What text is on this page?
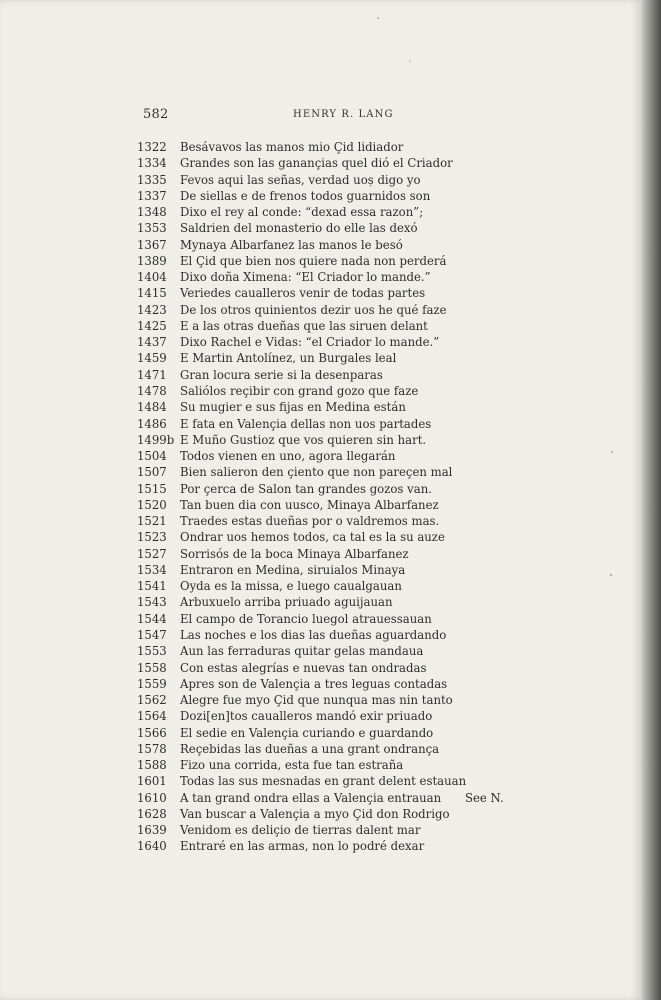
582	HENRY R. LANG
1322	Besávavos las manos mio Çid lidiador
1334	Grandes son las ganançias quel dió el Criador
1335	Fevos aqui las señas, verdad uoș digo yo
1337	De siellas e de frenos todos guarnidos son
1348	Dixo el rey al conde: “dexad essa razon”;
1353	Saldrien del monasterio do elle las dexó
1367	Mynaya Albarfanez las manos le besó
1389	El Çid que bien nos quiere nada non perderá
1404	Dixo doña Ximena: “El Criador lo mande.”
1415	Veriedes caualleros venir de todas partes
1423	De los otros quinientos dezir uos he qué faze
1425	E a las otras dueñas que las siruen delant
1437	Dixo Rachel e Vidas: “el Criador lo mande.”
1459	E Martin Antolínez, un Burgales leal
1471	Gran locura serie si la desenparas
1478	Saliólos reçibir con grand gozo que faze
1484	Su mugier e sus fijas en Medina están
1486	E fata en Valençia dellas non uos partades
1499b E Muño Gustioz que vos quieren sin hart.
1504	Todos vienen en uno, agora llegarán
1507	Bien salieron den çiento que non pareçen mal
1515	Por çerca de Salon tan grandes gozos van.
1520	Tan buen dia con uusco, Minaya Albarfanez
1521	Traedes estas dueñas por o valdremos mas.
1523	Ondrar uos hemos todos, ca tal es la su auze
1527	Sorrisós de la boca Minaya Albarfanez
1534	Entraron en Medina, siruialos Minaya
1541	Oyda es la missa, e luego caualgauan
1543	Arbuxuelo arriba priuado aguijauan
1544	El campo de Torancio luegol atrauessauan
1547	Las noches e los dias las dueñas aguardando
1553	Aun las ferraduras quitar gelas mandaua
1558	Con estas alegrías e nuevas tan ondradas
1559	Apres son de Valençia a tres leguas contadas
1562	Alegre fue myo Çid que nunqua mas nin tanto
1564	Dozi[en]tos caualleros mandó exir priuado
1566	El sedie en Valençia curiando e guardando
1578	Reçebidas las dueñas a una grant ondrança
1588	Fizo una corrida, esta fue tan estraña
1601	Todas las sus mesnadas en grant delent estauan
1610	A tan grand ondra ellas a Valençia entrauan	See N.
1628	Van buscar a Valençia a myo Çid don Rodrigo
1639	Venidom es deliçio de tierras dalent mar
1640	Entraré en las armas, non lo podré dexar
